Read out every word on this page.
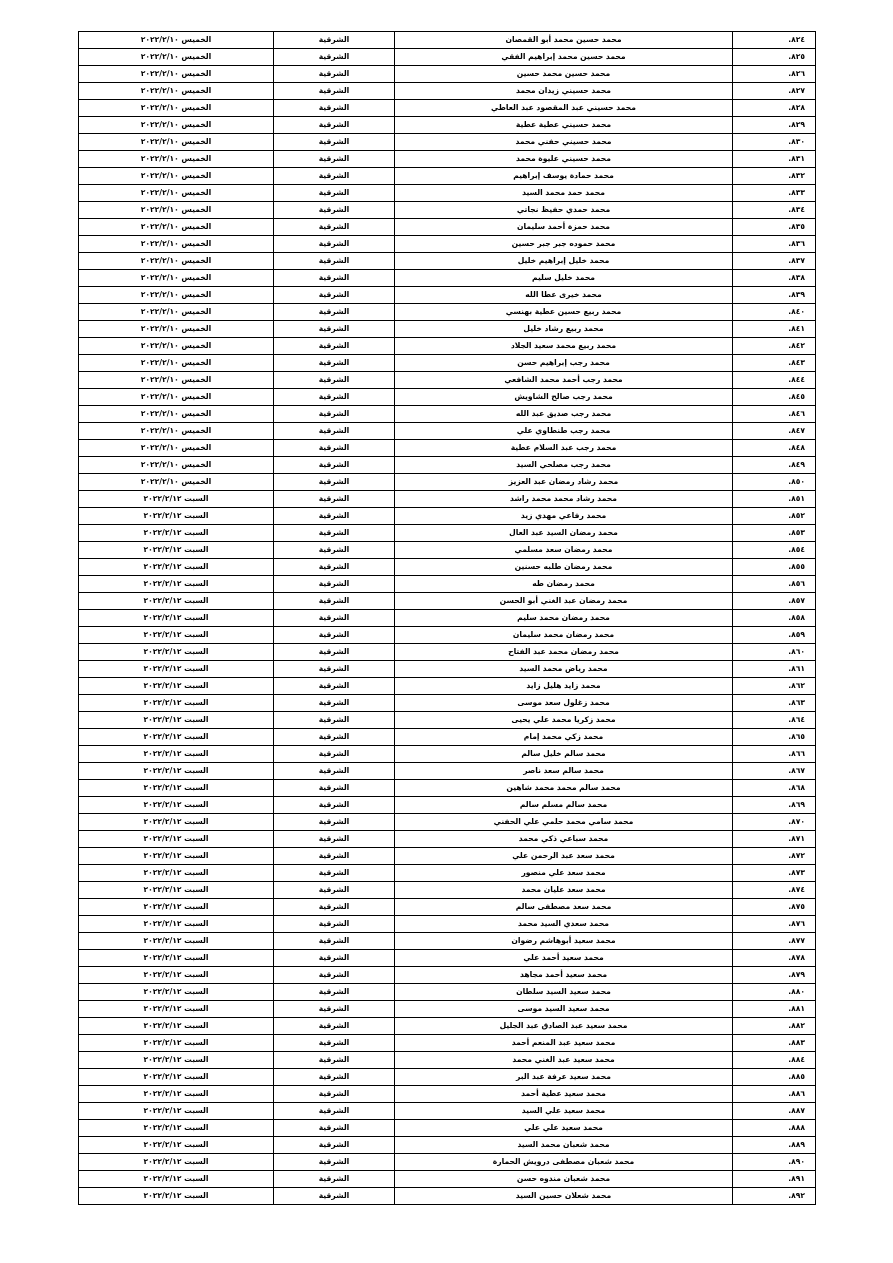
٨٢٤.	محمد حسين محمد أبو القمصان	الشرقية	الخميس ٢٠٢٢/٢/١٠
٨٢٥.	محمد حسين محمد إبراهيم الفقي	الشرقية	الخميس ٢٠٢٢/٢/١٠
٨٢٦.	محمد حسين محمد حسين	الشرقية	الخميس ٢٠٢٢/٢/١٠
٨٢٧.	محمد حسيني زيدان محمد	الشرقية	الخميس ٢٠٢٢/٢/١٠
٨٢٨.	محمد حسيني عبد المقصود عبد العاطي	الشرقية	الخميس ٢٠٢٢/٢/١٠
٨٢٩.	محمد حسيني عطية عطية	الشرقية	الخميس ٢٠٢٢/٢/١٠
٨٣٠.	محمد حسيني حفني محمد	الشرقية	الخميس ٢٠٢٢/٢/١٠
٨٣١.	محمد حسيني عليوة محمد	الشرقية	الخميس ٢٠٢٢/٢/١٠
٨٣٢.	محمد حمادة يوسف إبراهيم	الشرقية	الخميس ٢٠٢٢/٢/١٠
٨٣٣.	محمد حمد محمد السيد	الشرقية	الخميس ٢٠٢٢/٢/١٠
٨٣٤.	محمد حمدي حفيظ نجاتي	الشرقية	الخميس ٢٠٢٢/٢/١٠
٨٣٥.	محمد حمزة أحمد سليمان	الشرقية	الخميس ٢٠٢٢/٢/١٠
٨٣٦.	محمد حموده جبر جبر حسين	الشرقية	الخميس ٢٠٢٢/٢/١٠
٨٣٧.	محمد خليل إبراهيم خليل	الشرقية	الخميس ٢٠٢٢/٢/١٠
٨٣٨.	محمد خليل سليم	الشرقية	الخميس ٢٠٢٢/٢/١٠
٨٣٩.	محمد خيرى عطا الله	الشرقية	الخميس ٢٠٢٢/٢/١٠
٨٤٠.	محمد ربيع حسين عطية بهنسي	الشرقية	الخميس ٢٠٢٢/٢/١٠
٨٤١.	محمد ربيع رشاد خليل	الشرقية	الخميس ٢٠٢٢/٢/١٠
٨٤٢.	محمد ربيع محمد سعيد الجلاد	الشرقية	الخميس ٢٠٢٢/٢/١٠
٨٤٣.	محمد رجب إبراهيم حسن	الشرقية	الخميس ٢٠٢٢/٢/١٠
٨٤٤.	محمد رجب أحمد محمد الشافعي	الشرقية	الخميس ٢٠٢٢/٢/١٠
٨٤٥.	محمد رجب صالح الشاويش	الشرقية	الخميس ٢٠٢٢/٢/١٠
٨٤٦.	محمد رجب صديق عبد الله	الشرقية	الخميس ٢٠٢٢/٢/١٠
٨٤٧.	محمد رجب طنطاوي علي	الشرقية	الخميس ٢٠٢٢/٢/١٠
٨٤٨.	محمد رجب عبد السلام عطية	الشرقية	الخميس ٢٠٢٢/٢/١٠
٨٤٩.	محمد رجب مصلحي السيد	الشرقية	الخميس ٢٠٢٢/٢/١٠
٨٥٠.	محمد رشاد رمضان عبد العزيز	الشرقية	الخميس ٢٠٢٢/٢/١٠
٨٥١.	محمد رشاد محمد محمد راشد	الشرقية	السبت ٢٠٢٢/٢/١٢
٨٥٢.	محمد رفاعي مهدي زيد	الشرقية	السبت ٢٠٢٢/٢/١٢
٨٥٣.	محمد رمضان السيد عبد العال	الشرقية	السبت ٢٠٢٢/٢/١٢
٨٥٤.	محمد رمضان سعد مسلمي	الشرقية	السبت ٢٠٢٢/٢/١٢
٨٥٥.	محمد رمضان طلبه حسنين	الشرقية	السبت ٢٠٢٢/٢/١٢
٨٥٦.	محمد رمضان طه	الشرقية	السبت ٢٠٢٢/٢/١٢
٨٥٧.	محمد رمضان عبد الغني أبو الحسن	الشرقية	السبت ٢٠٢٢/٢/١٢
٨٥٨.	محمد رمضان محمد سليم	الشرقية	السبت ٢٠٢٢/٢/١٢
٨٥٩.	محمد رمضان محمد سليمان	الشرقية	السبت ٢٠٢٢/٢/١٢
٨٦٠.	محمد رمضان محمد عبد الفتاح	الشرقية	السبت ٢٠٢٢/٢/١٢
٨٦١.	محمد رياض محمد السيد	الشرقية	السبت ٢٠٢٢/٢/١٢
٨٦٢.	محمد زايد هليل زايد	الشرقية	السبت ٢٠٢٢/٢/١٢
٨٦٣.	محمد زغلول سعد موسى	الشرقية	السبت ٢٠٢٢/٢/١٢
٨٦٤.	محمد زكريا محمد علي يحيى	الشرقية	السبت ٢٠٢٢/٢/١٢
٨٦٥.	محمد زكي محمد إمام	الشرقية	السبت ٢٠٢٢/٢/١٢
٨٦٦.	محمد سالم خليل سالم	الشرقية	السبت ٢٠٢٢/٢/١٢
٨٦٧.	محمد سالم سعد ناصر	الشرقية	السبت ٢٠٢٢/٢/١٢
٨٦٨.	محمد سالم محمد محمد شاهين	الشرقية	السبت ٢٠٢٢/٢/١٢
٨٦٩.	محمد سالم مسلم سالم	الشرقية	السبت ٢٠٢٢/٢/١٢
٨٧٠.	محمد سامي محمد حلمي علي الحفني	الشرقية	السبت ٢٠٢٢/٢/١٢
٨٧١.	محمد سباعي ذكي محمد	الشرقية	السبت ٢٠٢٢/٢/١٢
٨٧٢.	محمد سعد عبد الرحمن علي	الشرقية	السبت ٢٠٢٢/٢/١٢
٨٧٣.	محمد سعد علي منصور	الشرقية	السبت ٢٠٢٢/٢/١٢
٨٧٤.	محمد سعد عليان محمد	الشرقية	السبت ٢٠٢٢/٢/١٢
٨٧٥.	محمد سعد مصطفى سالم	الشرقية	السبت ٢٠٢٢/٢/١٢
٨٧٦.	محمد سعدي السيد محمد	الشرقية	السبت ٢٠٢٢/٢/١٢
٨٧٧.	محمد سعيد أبوهاشم رضوان	الشرقية	السبت ٢٠٢٢/٢/١٢
٨٧٨.	محمد سعيد أحمد علي	الشرقية	السبت ٢٠٢٢/٢/١٢
٨٧٩.	محمد سعيد أحمد مجاهد	الشرقية	السبت ٢٠٢٢/٢/١٢
٨٨٠.	محمد سعيد السيد سلطان	الشرقية	السبت ٢٠٢٢/٢/١٢
٨٨١.	محمد سعيد السيد موسى	الشرقية	السبت ٢٠٢٢/٢/١٢
٨٨٢.	محمد سعيد عبد الصادق عبد الجليل	الشرقية	السبت ٢٠٢٢/٢/١٢
٨٨٣.	محمد سعيد عبد المنعم أحمد	الشرقية	السبت ٢٠٢٢/٢/١٢
٨٨٤.	محمد سعيد عبد الغني محمد	الشرقية	السبت ٢٠٢٢/٢/١٢
٨٨٥.	محمد سعيد عرفة عبد البر	الشرقية	السبت ٢٠٢٢/٢/١٢
٨٨٦.	محمد سعيد عطية أحمد	الشرقية	السبت ٢٠٢٢/٢/١٢
٨٨٧.	محمد سعيد علي السيد	الشرقية	السبت ٢٠٢٢/٢/١٢
٨٨٨.	محمد سعيد علي علي	الشرقية	السبت ٢٠٢٢/٢/١٢
٨٨٩.	محمد شعبان محمد السيد	الشرقية	السبت ٢٠٢٢/٢/١٢
٨٩٠.	محمد شعبان مصطفى درويش الحمارة	الشرقية	السبت ٢٠٢٢/٢/١٢
٨٩١.	محمد شعبان مندوه حسن	الشرقية	السبت ٢٠٢٢/٢/١٢
٨٩٢.	محمد شعلان حسين السيد	الشرقية	السبت ٢٠٢٢/٢/١٢
